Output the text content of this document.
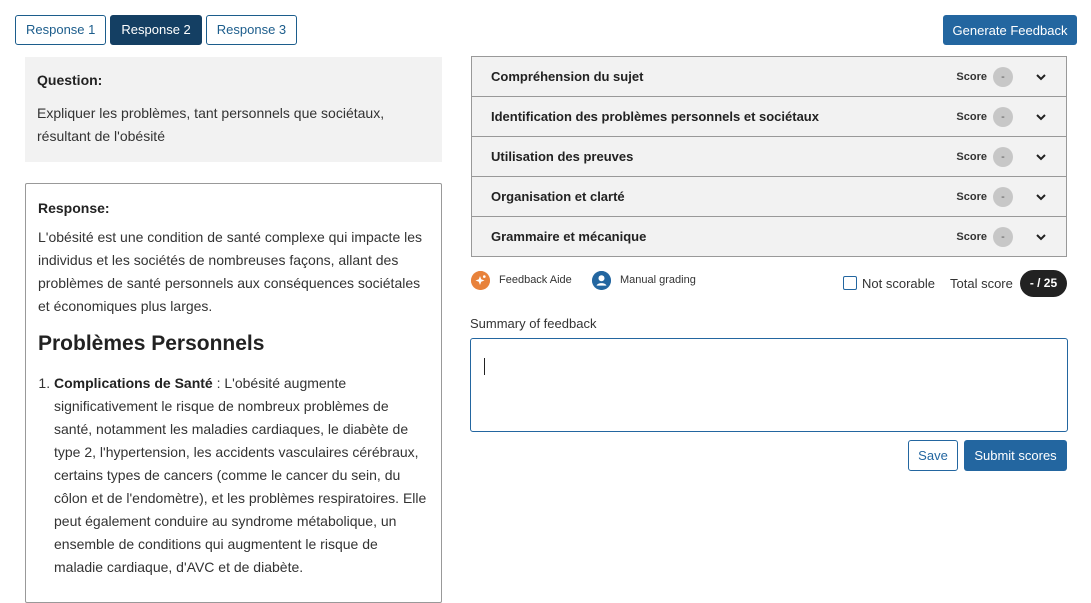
Response 1	Response 2	Response 3	Generate Feedback
Question:
Expliquer les problèmes, tant personnels que sociétaux, résultant de l'obésité
Response:

L'obésité est une condition de santé complexe qui impacte les individus et les sociétés de nombreuses façons, allant des problèmes de santé personnels aux conséquences sociétales et économiques plus larges.

Problèmes Personnels
1. Complications de Santé : L'obésité augmente significativement le risque de nombreux problèmes de santé, notamment les maladies cardiaques, le diabète de type 2, l'hypertension, les accidents vasculaires cérébraux, certains types de cancers (comme le cancer du sein, du côlon et de l'endomètre), et les problèmes respiratoires. Elle peut également conduire au syndrome métabolique, un ensemble de conditions qui augmentent le risque de maladie cardiaque, d'AVC et de diabète.
Compréhension du sujet	Score	-
Identification des problèmes personnels et sociétaux	Score	-
Utilisation des preuves	Score	-
Organisation et clarté	Score	-
Grammaire et mécanique	Score	-
Feedback Aide	Manual grading	Not scorable Total score	- / 25
Summary of feedback
Save	Submit scores
